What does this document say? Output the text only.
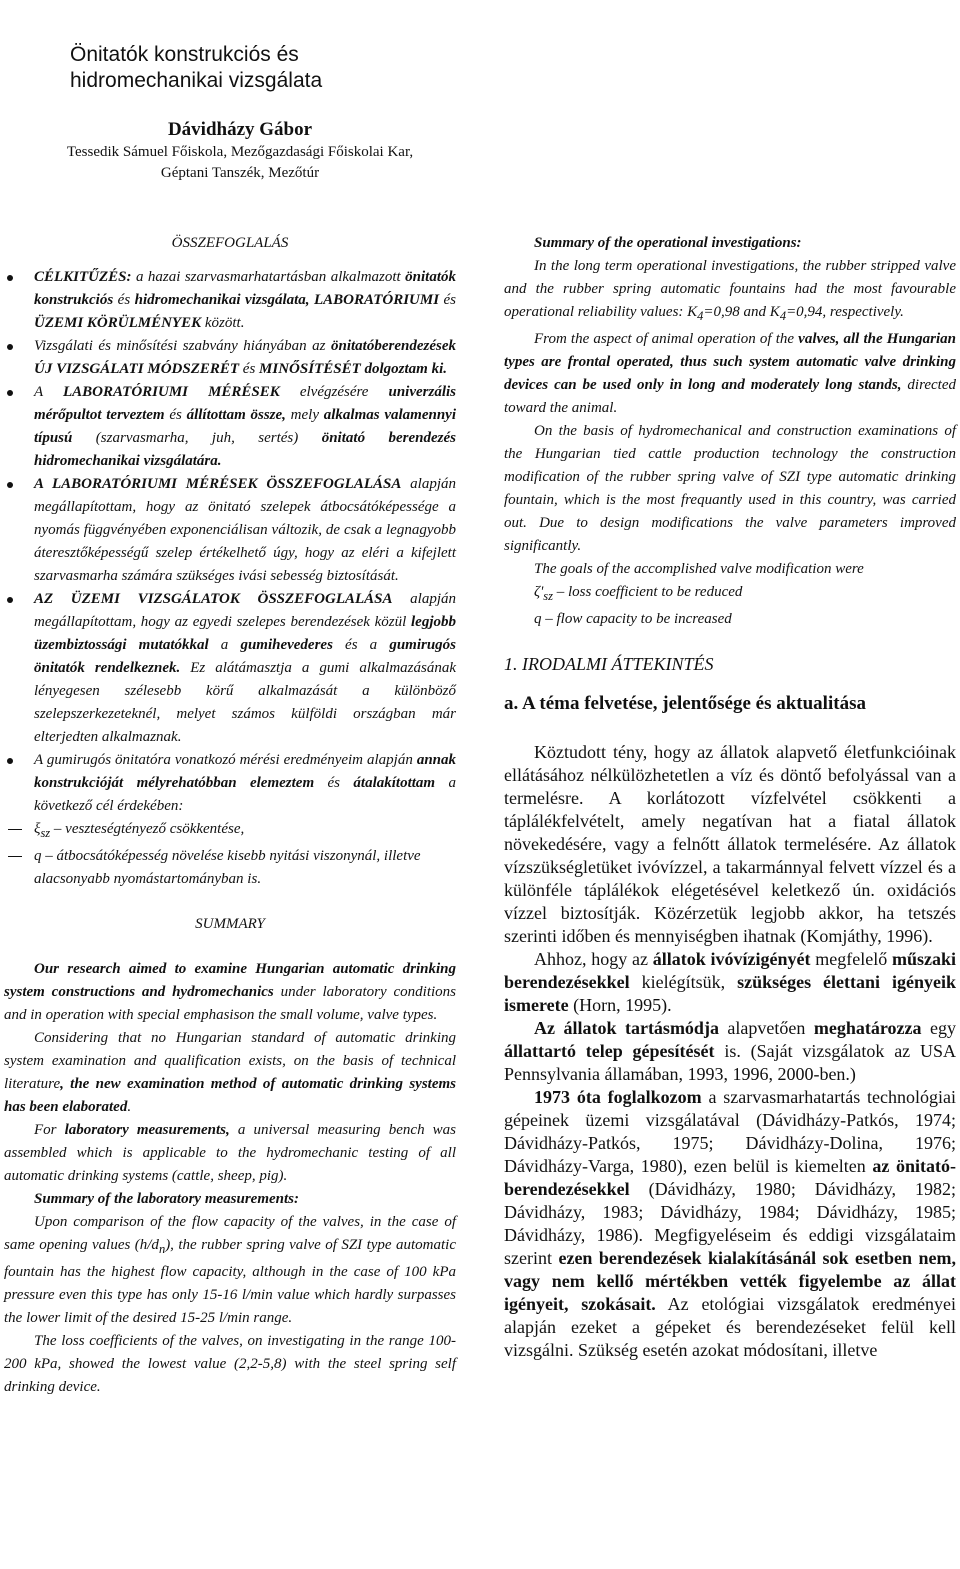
Önitatók konstrukciós és hidromechanikai vizsgálata
Dávidházy Gábor
Tessedik Sámuel Főiskola, Mezőgazdasági Főiskolai Kar,
Géptani Tanszék, Mezőtúr

ÖSSZEFOGLALÁS

CÉLKITŰZÉS: a hazai szarvasmarhatartásban alkalmazott önitatók konstrukciós és hidromechanikai vizsgálata, LABORATÓRIUMI és ÜZEMI KÖRÜLMÉNYEK között.
Vizsgálati és minősítési szabvány hiányában az önitatóberendezések ÚJ VIZSGÁLATI MÓDSZERÉT és MINŐSÍTÉSÉT dolgoztam ki.
A LABORATÓRIUMI MÉRÉSEK elvégzésére univerzális mérőpultot terveztem és állítottam össze, mely alkalmas valamennyi típusú (szarvasmarha, juh, sertés) önitató berendezés hidromechanikai vizsgálatára.
A LABORATÓRIUMI MÉRÉSEK ÖSSZEFOGLALÁSA alapján megállapítottam, hogy az önitató szelepek átbocsátóképessége a nyomás függvényében exponenciálisan változik, de csak a legnagyobb áteresztőképességű szelep értékelhető úgy, hogy az eléri a kifejlett szarvasmarha számára szükséges ivási sebesség biztosítását.
AZ ÜZEMI VIZSGÁLATOK ÖSSZEFOGLALÁSA alapján megállapítottam, hogy az egyedi szelepes berendezések közül legjobb üzembiztossági mutatókkal a gumihevederes és a gumirugós önitatók rendelkeznek. Ez alátámasztja a gumi alkalmazásának lényegesen szélesebb körű alkalmazását a különböző szelepszerkezeteknél, melyet számos külföldi országban már elterjedten alkalmaznak.
A gumirugós önitatóra vonatkozó mérési eredményeim alapján annak konstrukcióját mélyrehatóbban elemeztem és átalakítottam a következő cél érdekében:
$\xi_{sz}$ – veszteségtényező csökkentése,
q – átbocsátóképesség növelése kisebb nyitási viszonynál, illetve alacsonyabb nyomástartományban is.

SUMMARY

Our research aimed to examine Hungarian automatic drinking system constructions and hydromechanics under laboratory conditions and in operation with special emphasison the small volume, valve types.

Considering that no Hungarian standard of automatic drinking system examination and qualification exists, on the basis of technical literature, the new examination method of automatic drinking systems has been elaborated.

For laboratory measurements, a universal measuring bench was assembled which is applicable to the hydromechanic testing of all automatic drinking systems (cattle, sheep, pig).

Summary of the laboratory measurements:

Upon comparison of the flow capacity of the valves, in the case of same opening values $(h/d_n)$, the rubber spring valve of SZI type automatic fountain has the highest flow capacity, although in the case of 100 kPa pressure even this type has only 15-16 l/min value which hardly surpasses the lower limit of the desired 15-25 l/min range.

The loss coefficients of the valves, on investigating in the range 100-200 kPa, showed the lowest value (2,2-5,8) with the steel spring self drinking device.

Summary of the operational investigations:

In the long term operational investigations, the rubber stripped valve and the rubber spring automatic fountains had the most favourable operational reliability values: $K_4=0,98$ and $K_4=0,94$, respectively.

From the aspect of animal operation of the valves, all the Hungarian types are frontal operated, thus such system automatic valve drinking devices can be used only in long and moderately long stands, directed toward the animal.

On the basis of hydromechanical and construction examinations of the Hungarian tied cattle production technology the construction modification of the rubber spring valve of SZI type automatic drinking fountain, which is the most frequantly used in this country, was carried out. Due to design modifications the valve parameters improved significantly.

The goals of the accomplished valve modification were

$\zeta'_{sz}$ – loss coefficient to be reduced

q – flow capacity to be increased

1. IRODALMI ÁTTEKINTÉS

a. A téma felvetése, jelentősége és aktualitása

Köztudott tény, hogy az állatok alapvető életfunkcióinak ellátásához nélkülözhetetlen a víz és döntő befolyással van a termelésre. A korlátozott vízfelvétel csökkenti a táplálékfelvételt, amely negatívan hat a fiatal állatok növekedésére, vagy a felnőtt állatok termelésére. Az állatok vízszükségletüket ivóvízzel, a takarmánnyal felvett vízzel és a különféle táplálékok elégetésével keletkező ún. oxidációs vízzel biztosítják. Közérzetük legjobb akkor, ha tetszés szerinti időben és mennyiségben ihatnak (Komjáthy, 1996).

Ahhoz, hogy az állatok ivóvízigényét megfelelő műszaki berendezésekkel kielégítsük, szükséges élettani igényeik ismerete (Horn, 1995).

Az állatok tartásmódja alapvetően meghatározza egy állattartó telep gépesítését is. (Saját vizsgálatok az USA Pennsylvania államában, 1993, 1996, 2000-ben.)

1973 óta foglalkozom a szarvasmarhatartás technológiai gépeinek üzemi vizsgálatával (Dávidházy-Patkós, 1974; Dávidházy-Patkós, 1975; Dávidházy-Dolina, 1976; Dávidházy-Varga, 1980), ezen belül is kiemelten az önitató-berendezésekkel (Dávidházy, 1980; Dávidházy, 1982; Dávidházy, 1983; Dávidházy, 1984; Dávidházy, 1985; Dávidházy, 1986). Megfigyeléseim és eddigi vizsgálataim szerint ezen berendezések kialakításánál sok esetben nem, vagy nem kellő mértékben vették figyelembe az állat igényeit, szokásait. Az etológiai vizsgálatok eredményei alapján ezeket a gépeket és berendezéseket felül kell vizsgálni. Szükség esetén azokat módosítani, illetve
